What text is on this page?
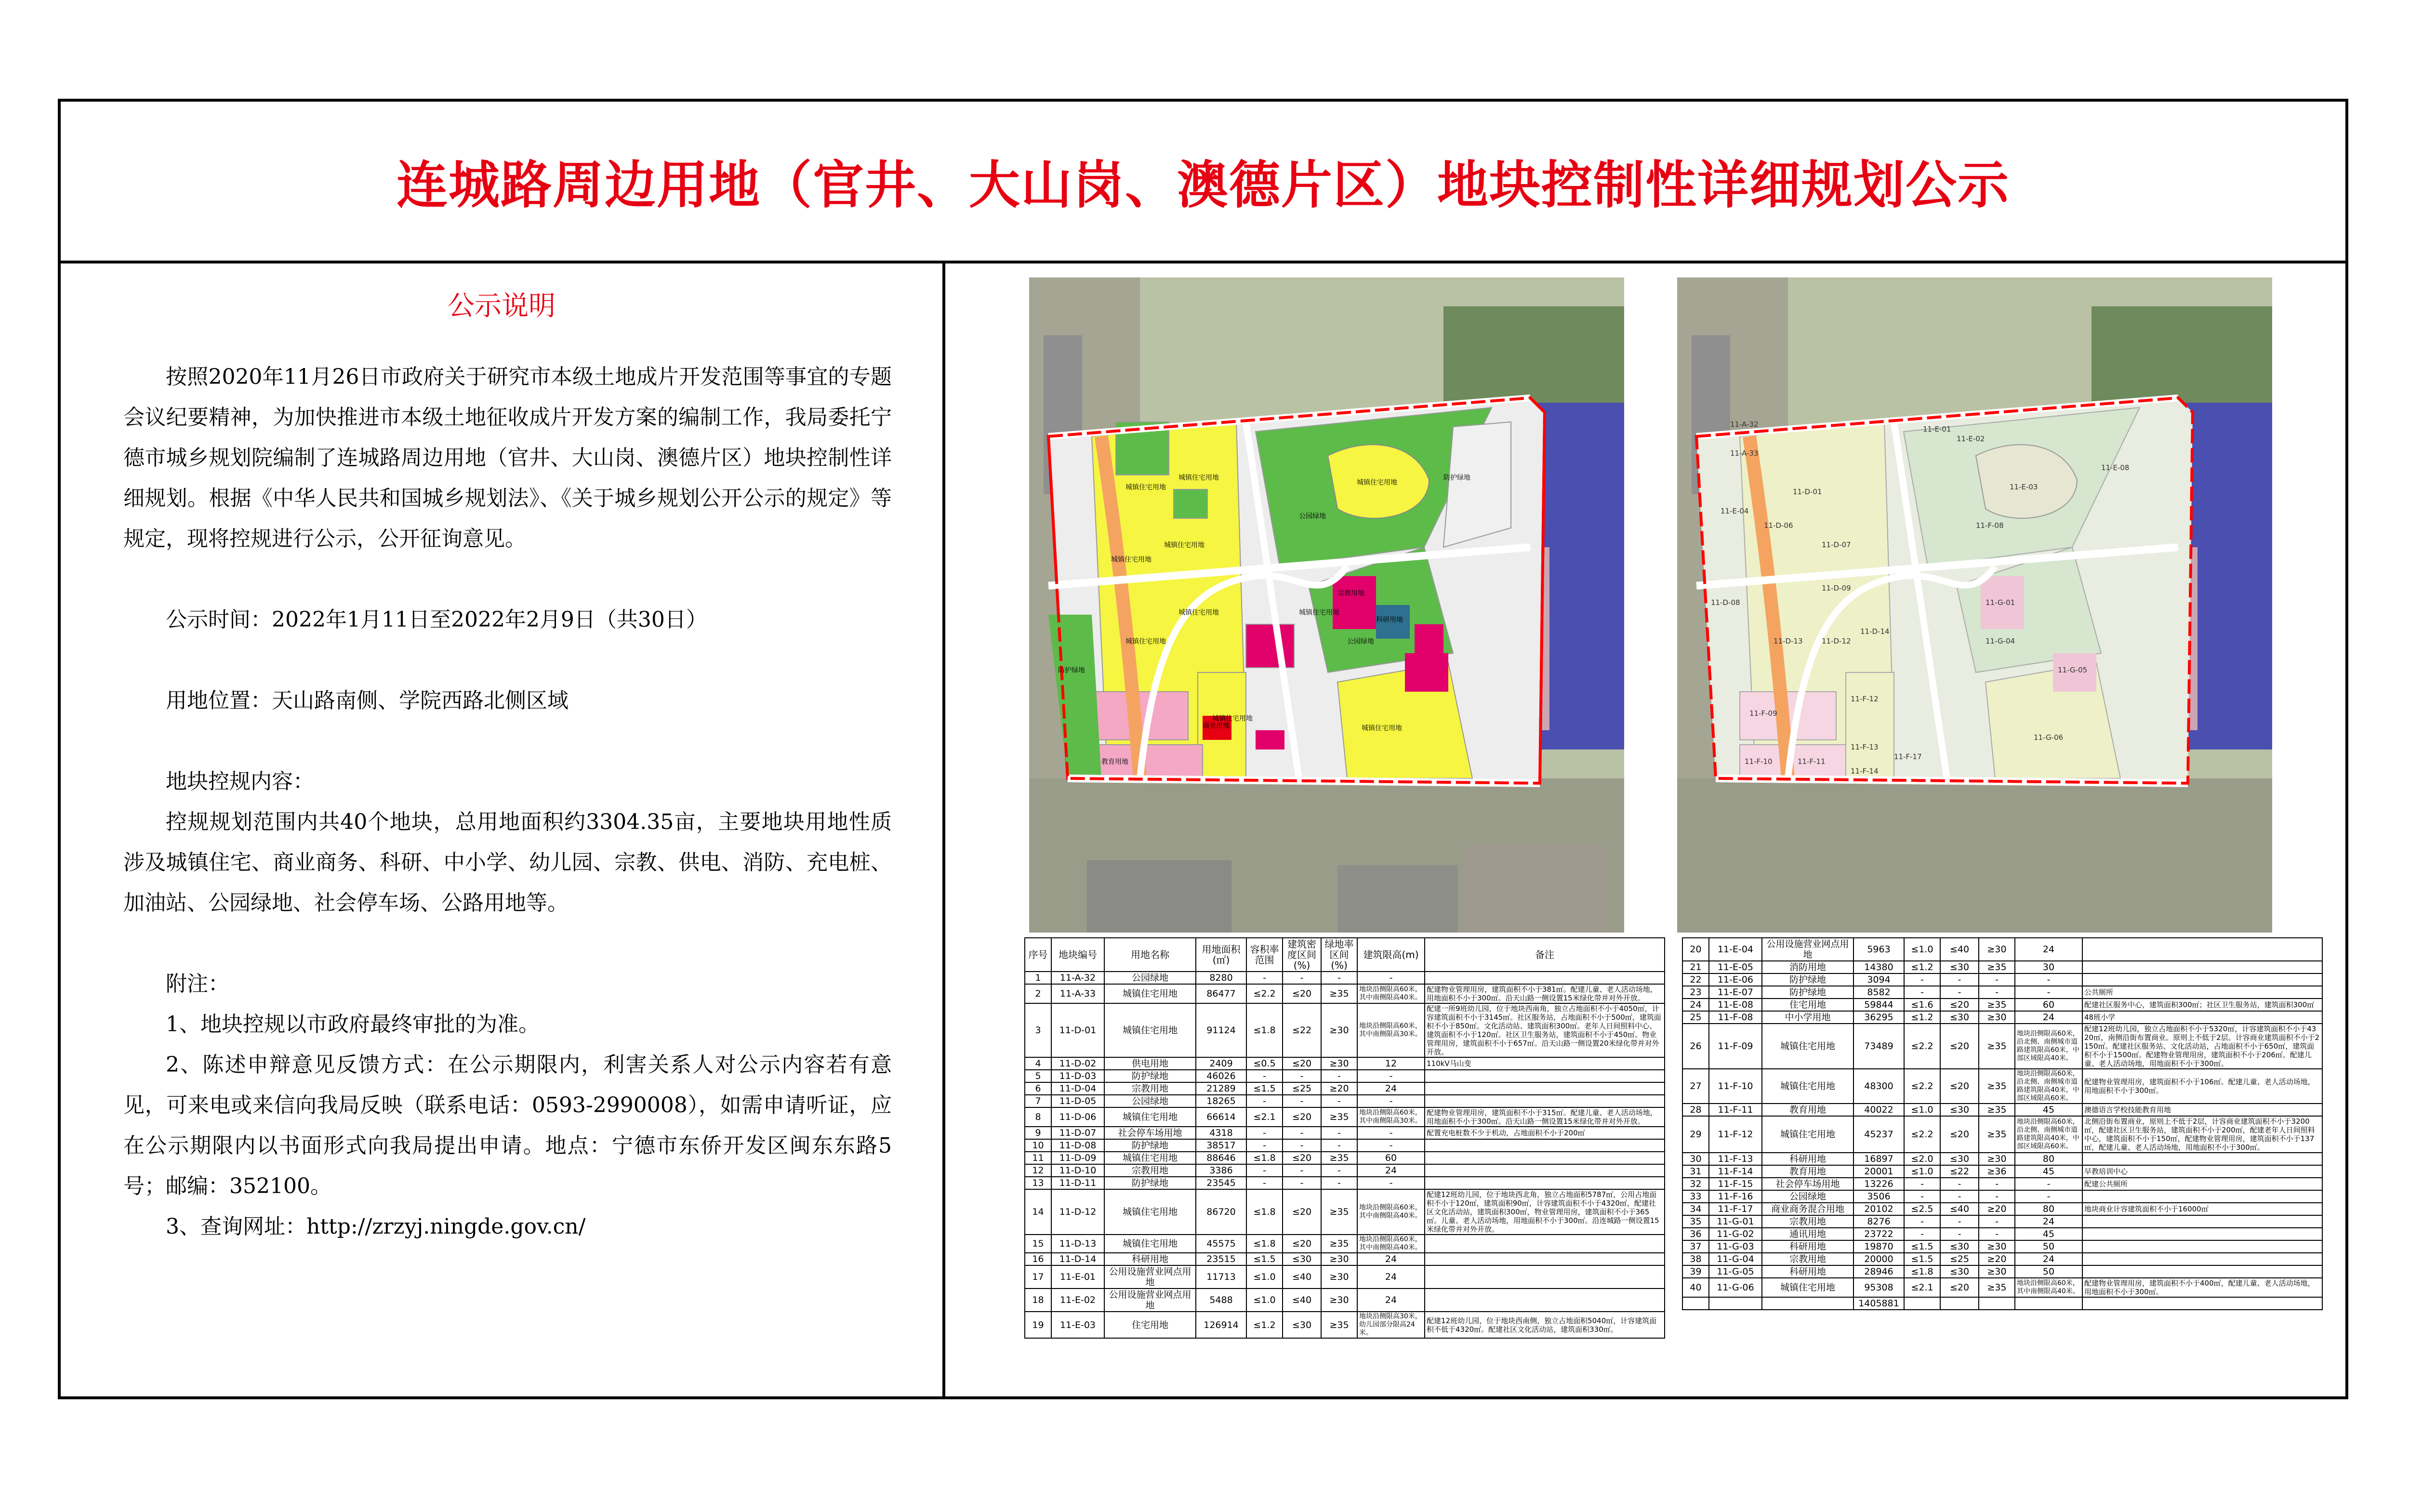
连城路周边用地（官井、大山岗、澳德片区）地块控制性详细规划公示
公示说明

按照2020年11月26日市政府关于研究市本级土地成片开发范围等事宜的专题会议纪要精神，为加快推进市本级土地征收成片开发方案的编制工作，我局委托宁德市城乡规划院编制了连城路周边用地（官井、大山岗、澳德片区）地块控制性详细规划。根据《中华人民共和国城乡规划法》、《关于城乡规划公开公示的规定》等规定，现将控规进行公示，公开征询意见。

公示时间：2022年1月11日至2022年2月9日（共30日）

用地位置：天山路南侧、学院西路北侧区域

地块控规内容：

控规规划范围内共40个地块，总用地面积约3304.35亩，主要地块用地性质涉及城镇住宅、商业商务、科研、中小学、幼儿园、宗教、供电、消防、充电桩、加油站、公园绿地、社会停车场、公路用地等。

附注：

1、地块控规以市政府最终审批的为准。

2、陈述申辩意见反馈方式：在公示期限内，利害关系人对公示内容若有意见，可来电或来信向我局反映（联系电话：0593-2990008），如需申请听证，应在公示期限内以书面形式向我局提出申请。地点：宁德市东侨开发区闽东东路5号；邮编：352100。

3、查询网址：http://zrzyj.ningde.gov.cn/

城镇住宅用地
城镇住宅用地
城镇住宅用地
城镇住宅用地
城镇住宅用地
城镇住宅用地
城镇住宅用地
城镇住宅用地
城镇住宅用地
城镇住宅用地
公园绿地
公园绿地
防护绿地
防护绿地
宗教用地
科研用地
教育用地
商业用地
11-A-32
11-A-33
11-E-01
11-E-02
11-E-04
11-D-01
11-D-06
11-D-07
11-D-08
11-D-09
11-D-12
11-D-13
11-D-14
11-E-03
11-E-08
11-F-08
11-F-09
11-F-10	11-F-11
11-F-12
11-F-13
11-F-14
11-F-17
11-G-01
11-G-04
11-G-05
11-G-06
序号	地块编号	用地名称	用地面积(㎡)	容积率范围	建筑密度区间(%)	绿地率区间(%)	建筑限高(m)	备注
1	11-A-32	公园绿地	8280	-	-	-	-	
2	11-A-33	城镇住宅用地	86477	≤2.2	≤20	≥35	地块沿侧限高60米，其中南侧限高40米。	配建物业管理用房，建筑面积不小于381㎡。配建儿童、老人活动场地，用地面积不小于300㎡。沿天山路一侧设置15米绿化带并对外开放。
3	11-D-01	城镇住宅用地	91124	≤1.8	≤22	≥30	地块沿侧限高60米，其中南侧限高30米。	配建一所9班幼儿园，位于地块西南角，独立占地面积不小于4050㎡，计容建筑面积不小于3145㎡。社区服务站，占地面积不小于500㎡，建筑面积不小于850㎡。文化活动站、建筑面积300㎡。老年人日间照料中心、建筑面积不小于120㎡。社区卫生服务站，建筑面积不小于450㎡。物业管理用房，建筑面积不小于657㎡。沿天山路一侧设置20米绿化带并对外开放。
4	11-D-02	供电用地	2409	≤0.5	≤20	≥30	12	110kV马山变
5	11-D-03	防护绿地	46026	-	-	-	-	
6	11-D-04	宗教用地	21289	≤1.5	≤25	≥20	24	
7	11-D-05	公园绿地	18265	-	-	-	-	
8	11-D-06	城镇住宅用地	66614	≤2.1	≤20	≥35	地块沿侧限高60米，其中南侧限高30米。	配建物业管理用房，建筑面积不小于315㎡。配建儿童、老人活动场地，用地面积不小于300㎡。沿天山路一侧设置15米绿化带并对外开放。
9	11-D-07	社会停车场用地	4318	-	-	-	-	配置充电桩数不少于机动，占地面积不小于200㎡
10	11-D-08	防护绿地	38517	-	-	-	-	
11	11-D-09	城镇住宅用地	88646	≤1.8	≤20	≥35	60	
12	11-D-10	宗教用地	3386	-	-	-	24	
13	11-D-11	防护绿地	23545	-	-	-	-	
14	11-D-12	城镇住宅用地	86720	≤1.8	≤20	≥35	地块沿侧限高60米，其中南侧限高40米。	配建12班幼儿园，位于地块西北角，独立占地面积5787㎡，公用占地面积不小于120㎡，建筑面积90㎡，计容建筑面积不小于4320㎡，配建社区文化活动站，建筑面积300㎡，物业管理用房，建筑面积不小于365㎡。儿童、老人活动场地，用地面积不小于300㎡。沿连城路一侧设置15米绿化带并对外开放。
15	11-D-13	城镇住宅用地	45575	≤1.8	≤20	≥35	地块沿侧限高60米，其中南侧限高40米。	
16	11-D-14	科研用地	23515	≤1.5	≤30	≥30	24	
17	11-E-01	公用设施营业网点用地	11713	≤1.0	≤40	≥30	24	
18	11-E-02	公用设施营业网点用地	5488	≤1.0	≤40	≥30	24	
19	11-E-03	住宅用地	126914	≤1.2	≤30	≥35	地块沿侧限高30米，幼儿园部分限高24米。	配建12班幼儿园，位于地块西南侧，独立占地面积5040㎡，计容建筑面积不低于4320㎡。配建社区文化活动站，建筑面积330㎡。
20	11-E-04	公用设施营业网点用地	5963	≤1.0	≤40	≥30	24	
21	11-E-05	消防用地	14380	≤1.2	≤30	≥35	30	
22	11-E-06	防护绿地	3094	-	-	-	-	
23	11-E-07	防护绿地	8582	-	-	-	-	公共厕所
24	11-E-08	住宅用地	59844	≤1.6	≤20	≥35	60	配建社区服务中心，建筑面积300㎡；社区卫生服务站，建筑面积300㎡
25	11-F-08	中小学用地	36295	≤1.2	≤30	≥30	24	48班小学
26	11-F-09	城镇住宅用地	73489	≤2.2	≤20	≥35	地块沿侧限高60米，沿北侧、南侧城市道路建筑限高60米，中部区域限高40米。	配建12班幼儿园，独立占地面积不小于5320㎡，计容建筑面积不小于4320㎡，南侧沿街布置商业。原则上不低于2层。计容商业建筑面积不小于2150㎡。配建社区服务站、文化活动站，占地面积不小于650㎡，建筑面积不小于1500㎡。配建物业管理用房，建筑面积不小于206㎡。配建儿童、老人活动场地，用地面积不小于300㎡。
27	11-F-10	城镇住宅用地	48300	≤2.2	≤20	≥35	地块沿侧限高60米，沿北侧、南侧城市道路建筑限高40米，中部区域限高60米。	配建物业管理用房，建筑面积不小于106㎡。配建儿童、老人活动场地，用地面积不小于300㎡。
28	11-F-11	教育用地	40022	≤1.0	≤30	≥35	45	澳德语言学校技能教育用地
29	11-F-12	城镇住宅用地	45237	≤2.2	≤20	≥35	地块沿侧限高60米，沿北侧、南侧城市道路建筑限高40米，中部区域限高60米。	北侧沿街布置商业，原则上不低于2层，计容商业建筑面积不小于3200㎡，配建社区卫生服务站，建筑面积不小于200㎡，配建老年人日间照料中心，建筑面积不小于150㎡，配建物业管理用房，建筑面积不小于137㎡，配建儿童、老人活动场地，用地面积不小于300㎡。
30	11-F-13	科研用地	16897	≤2.0	≤30	≥30	80	
31	11-F-14	教育用地	20001	≤1.0	≤22	≥36	45	早教培训中心
32	11-F-15	社会停车场用地	13226	-	-	-	-	配建公共厕所
33	11-F-16	公园绿地	3506	-	-	-	-	
34	11-F-17	商业商务混合用地	20102	≤2.5	≤40	≥20	80	地块商业计容建筑面积不小于16000㎡
35	11-G-01	宗教用地	8276	-	-	-	24	
36	11-G-02	通讯用地	23722	-	-	-	45	
37	11-G-03	科研用地	19870	≤1.5	≤30	≥30	50	
38	11-G-04	宗教用地	20000	≤1.5	≤25	≥20	24	
39	11-G-05	科研用地	28946	≤1.8	≤30	≥30	50	
40	11-G-06	城镇住宅用地	95308	≤2.1	≤20	≥35	地块沿侧限高60米，其中南侧限高40米。	配建物业管理用房，建筑面积不小于400㎡，配建儿童、老人活动场地，用地面积不小于300㎡。
			1405881					
